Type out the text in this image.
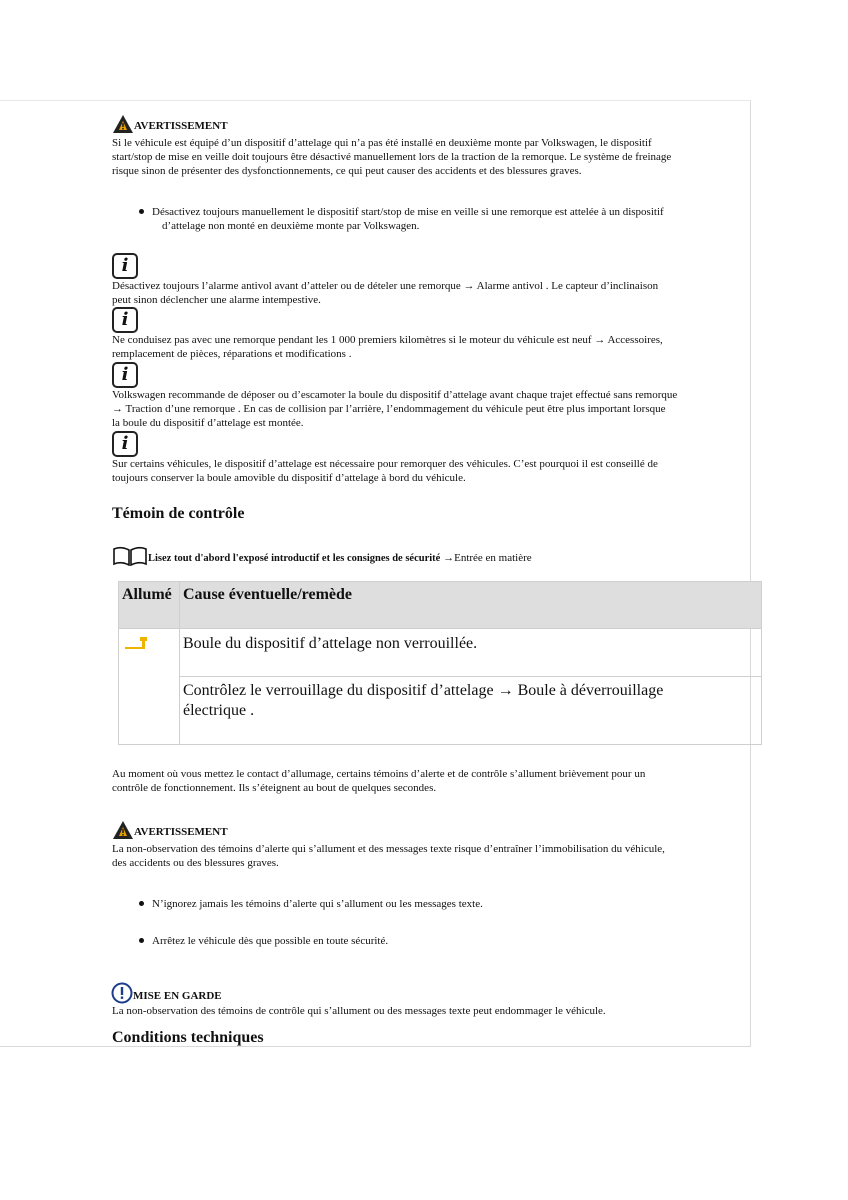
AVERTISSEMENT
Si le véhicule est équipé d’un dispositif d’attelage qui n’a pas été installé en deuxième monte par Volkswagen, le dispositif
start/stop de mise en veille doit toujours être désactivé manuellement lors de la traction de la remorque. Le système de freinage
risque sinon de présenter des dysfonctionnements, ce qui peut causer des accidents et des blessures graves.
Désactivez toujours manuellement le dispositif start/stop de mise en veille si une remorque est attelée à un dispositif
d’attelage non monté en deuxième monte par Volkswagen.
i
Désactivez toujours l’alarme antivol avant d’atteler ou de dételer une remorque → Alarme antivol . Le capteur d’inclinaison
peut sinon déclencher une alarme intempestive.
i
Ne conduisez pas avec une remorque pendant les 1 000 premiers kilomètres si le moteur du véhicule est neuf → Accessoires,
remplacement de pièces, réparations et modifications .
i
Volkswagen recommande de déposer ou d’escamoter la boule du dispositif d’attelage avant chaque trajet effectué sans remorque
→ Traction d’une remorque . En cas de collision par l’arrière, l’endommagement du véhicule peut être plus important lorsque
la boule du dispositif d’attelage est montée.
i
Sur certains véhicules, le dispositif d’attelage est nécessaire pour remorquer des véhicules. C’est pourquoi il est conseillé de
toujours conserver la boule amovible du dispositif d’attelage à bord du véhicule.
Témoin de contrôle
Lisez tout d'abord l'exposé introductif et les consignes de sécurité →Entrée en matière
Allumé	Cause éventuelle/remède
	Boule du dispositif d’attelage non verrouillée.

	Contrôlez le verrouillage du dispositif d’attelage → Boule à déverrouillage
électrique .
Au moment où vous mettez le contact d’allumage, certains témoins d’alerte et de contrôle s’allument brièvement pour un
contrôle de fonctionnement. Ils s’éteignent au bout de quelques secondes.
AVERTISSEMENT
La non-observation des témoins d’alerte qui s’allument et des messages texte risque d’entraîner l’immobilisation du véhicule,
des accidents ou des blessures graves.
N’ignorez jamais les témoins d’alerte qui s’allument ou les messages texte.
Arrêtez le véhicule dès que possible en toute sécurité.
MISE EN GARDE
La non-observation des témoins de contrôle qui s’allument ou des messages texte peut endommager le véhicule.
Conditions techniques
